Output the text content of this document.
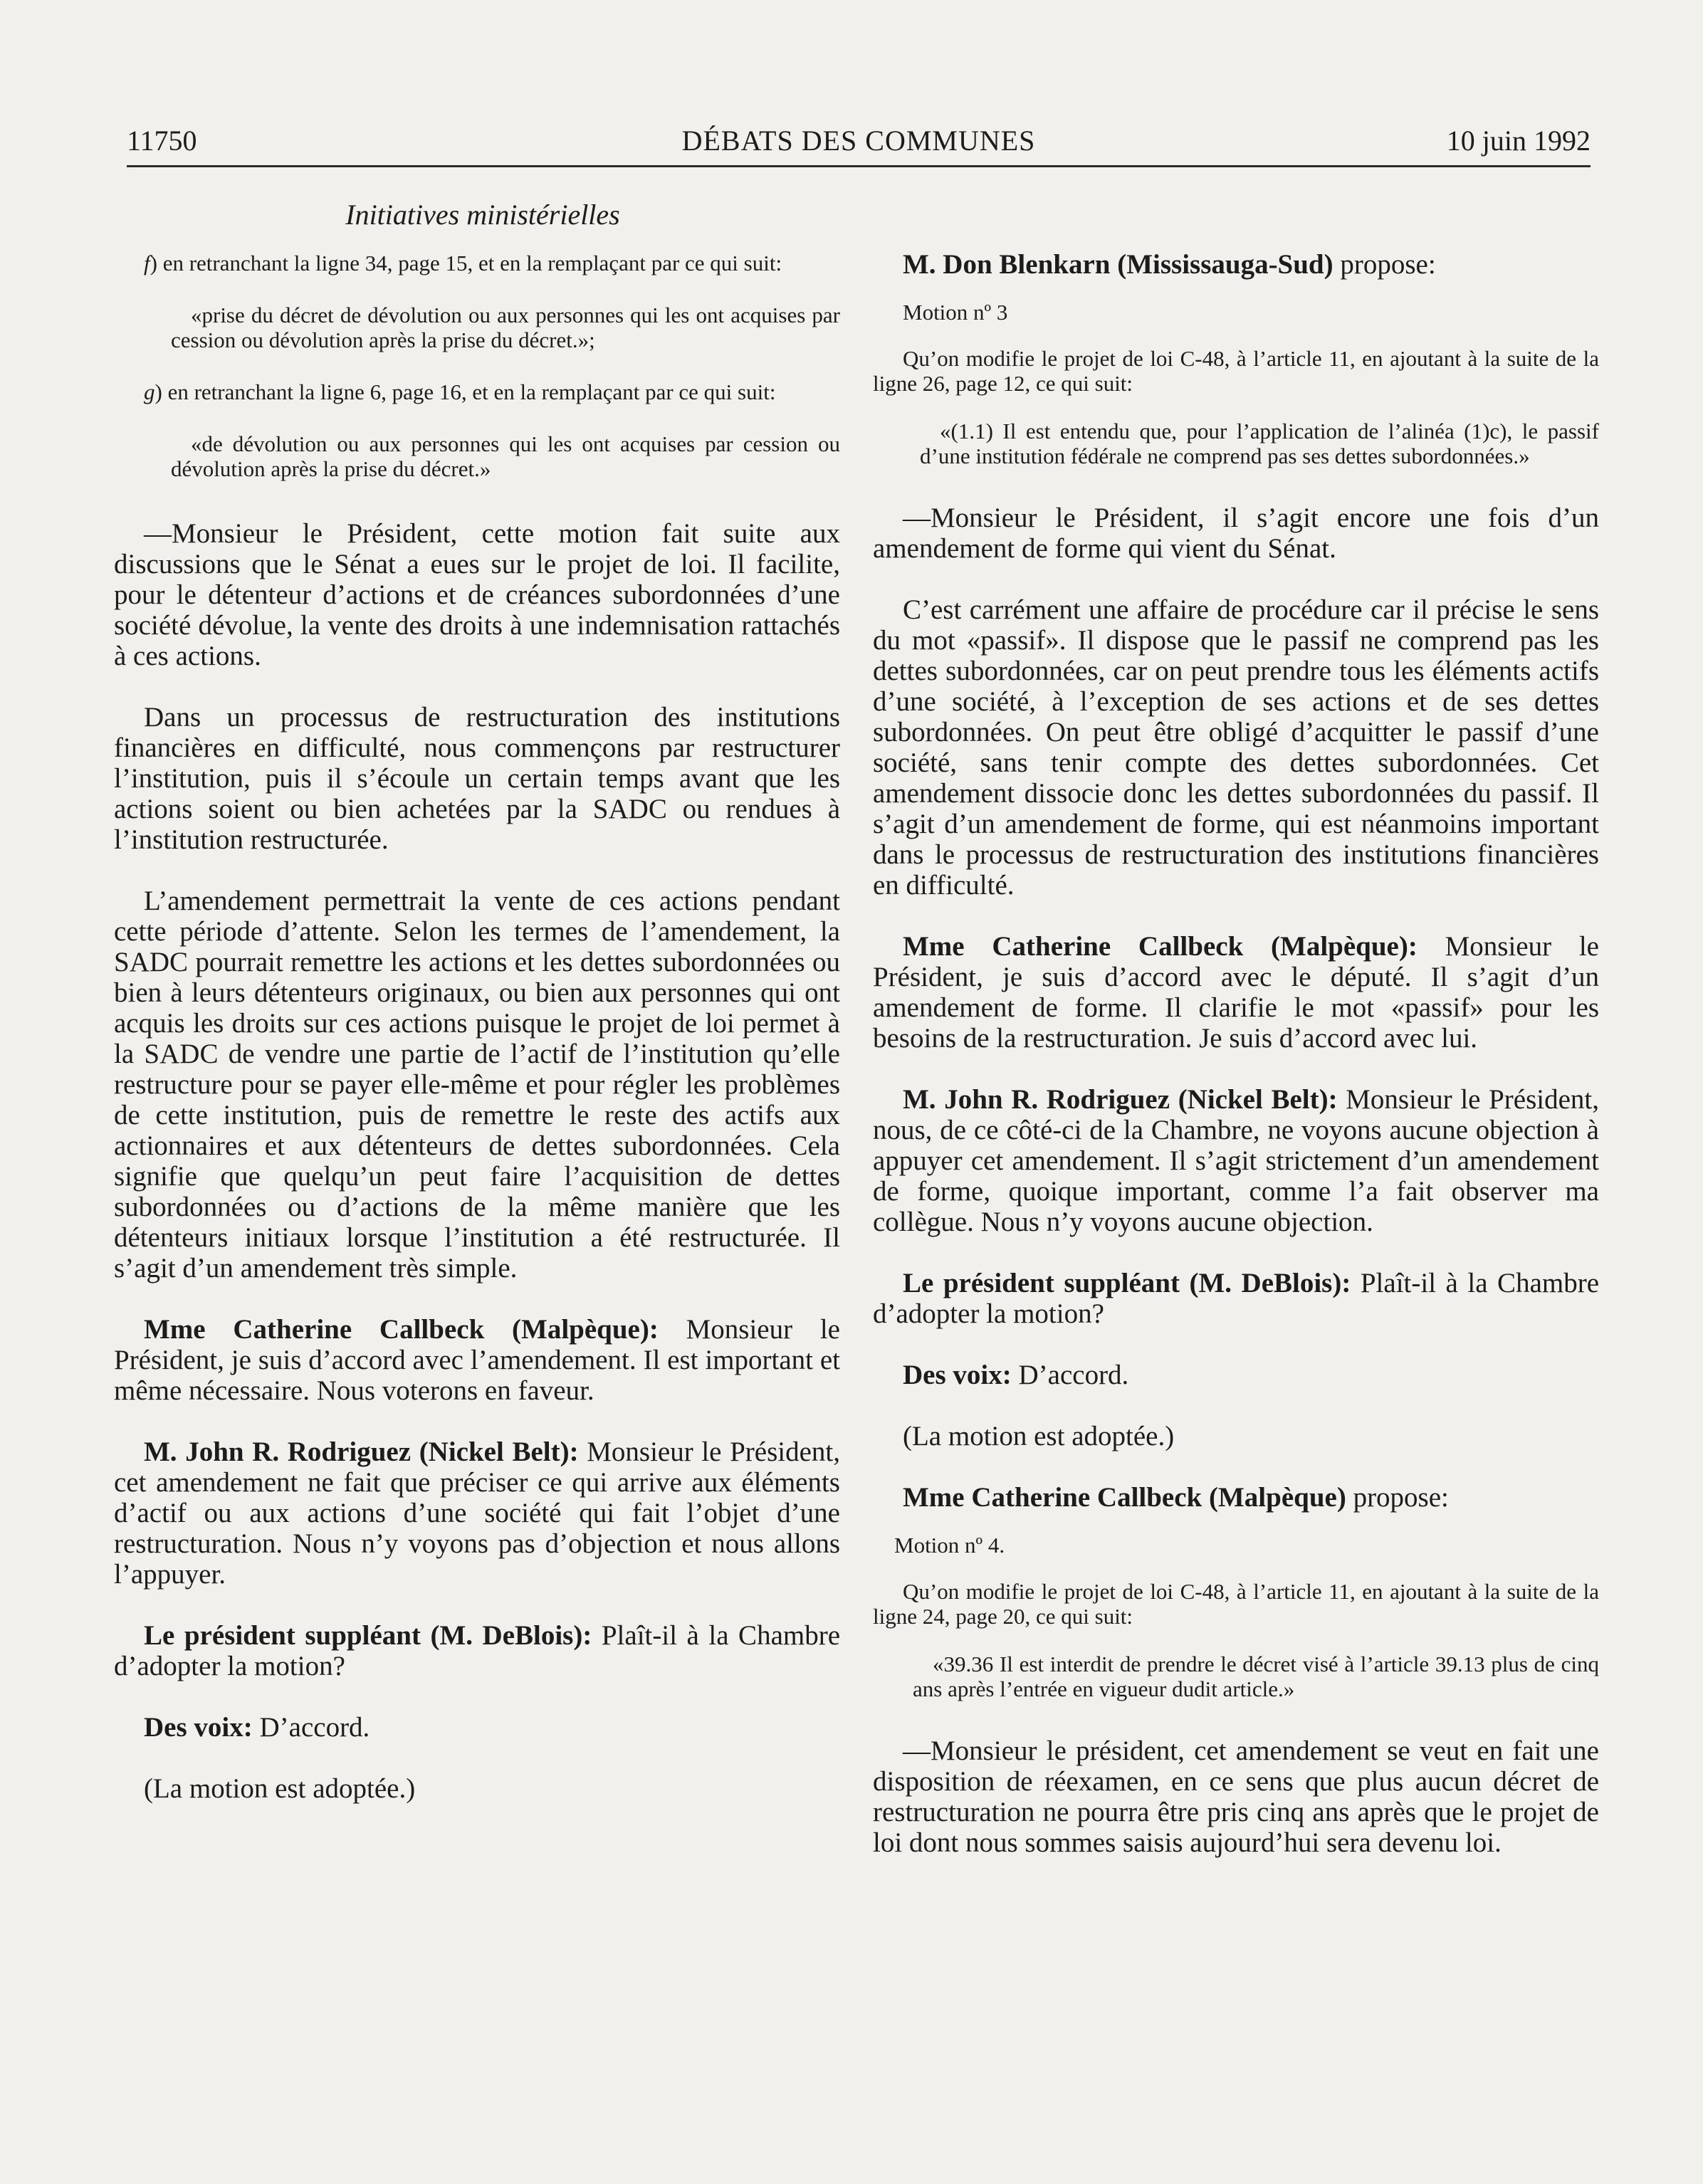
11750	DÉBATS DES COMMUNES	10 juin 1992
Initiatives ministérielles

f) en retranchant la ligne 34, page 15, et en la remplaçant par ce qui suit:

«prise du décret de dévolution ou aux personnes qui les ont acquises par cession ou dévolution après la prise du décret.»;

g) en retranchant la ligne 6, page 16, et en la remplaçant par ce qui suit:

«de dévolution ou aux personnes qui les ont acquises par cession ou dévolution après la prise du décret.»

—Monsieur le Président, cette motion fait suite aux discussions que le Sénat a eues sur le projet de loi. Il facilite, pour le détenteur d’actions et de créances subordonnées d’une société dévolue, la vente des droits à une indemnisation rattachés à ces actions.

Dans un processus de restructuration des institutions financières en difficulté, nous commençons par restructurer l’institution, puis il s’écoule un certain temps avant que les actions soient ou bien achetées par la SADC ou rendues à l’institution restructurée.

L’amendement permettrait la vente de ces actions pendant cette période d’attente. Selon les termes de l’amendement, la SADC pourrait remettre les actions et les dettes subordonnées ou bien à leurs détenteurs originaux, ou bien aux personnes qui ont acquis les droits sur ces actions puisque le projet de loi permet à la SADC de vendre une partie de l’actif de l’institution qu’elle restructure pour se payer elle-même et pour régler les problèmes de cette institution, puis de remettre le reste des actifs aux actionnaires et aux détenteurs de dettes subordonnées. Cela signifie que quelqu’un peut faire l’acquisition de dettes subordonnées ou d’actions de la même manière que les détenteurs initiaux lorsque l’institution a été restructurée. Il s’agit d’un amendement très simple.

Mme Catherine Callbeck (Malpèque): Monsieur le Président, je suis d’accord avec l’amendement. Il est important et même nécessaire. Nous voterons en faveur.

M. John R. Rodriguez (Nickel Belt): Monsieur le Président, cet amendement ne fait que préciser ce qui arrive aux éléments d’actif ou aux actions d’une société qui fait l’objet d’une restructuration. Nous n’y voyons pas d’objection et nous allons l’appuyer.

Le président suppléant (M. DeBlois): Plaît-il à la Chambre d’adopter la motion?

Des voix: D’accord.

(La motion est adoptée.)

M. Don Blenkarn (Mississauga-Sud) propose:

Motion nº 3

Qu’on modifie le projet de loi C-48, à l’article 11, en ajoutant à la suite de la ligne 26, page 12, ce qui suit:

«(1.1) Il est entendu que, pour l’application de l’alinéa (1)c), le passif d’une institution fédérale ne comprend pas ses dettes subordonnées.»

—Monsieur le Président, il s’agit encore une fois d’un amendement de forme qui vient du Sénat.

C’est carrément une affaire de procédure car il précise le sens du mot «passif». Il dispose que le passif ne comprend pas les dettes subordonnées, car on peut prendre tous les éléments actifs d’une société, à l’exception de ses actions et de ses dettes subordonnées. On peut être obligé d’acquitter le passif d’une société, sans tenir compte des dettes subordonnées. Cet amendement dissocie donc les dettes subordonnées du passif. Il s’agit d’un amendement de forme, qui est néanmoins important dans le processus de restructuration des institutions financières en difficulté.

Mme Catherine Callbeck (Malpèque): Monsieur le Président, je suis d’accord avec le député. Il s’agit d’un amendement de forme. Il clarifie le mot «passif» pour les besoins de la restructuration. Je suis d’accord avec lui.

M. John R. Rodriguez (Nickel Belt): Monsieur le Président, nous, de ce côté-ci de la Chambre, ne voyons aucune objection à appuyer cet amendement. Il s’agit strictement d’un amendement de forme, quoique important, comme l’a fait observer ma collègue. Nous n’y voyons aucune objection.

Le président suppléant (M. DeBlois): Plaît-il à la Chambre d’adopter la motion?

Des voix: D’accord.

(La motion est adoptée.)

Mme Catherine Callbeck (Malpèque) propose:

Motion nº 4.

Qu’on modifie le projet de loi C-48, à l’article 11, en ajoutant à la suite de la ligne 24, page 20, ce qui suit:

«39.36 Il est interdit de prendre le décret visé à l’article 39.13 plus de cinq ans après l’entrée en vigueur dudit article.»

—Monsieur le président, cet amendement se veut en fait une disposition de réexamen, en ce sens que plus aucun décret de restructuration ne pourra être pris cinq ans après que le projet de loi dont nous sommes saisis aujourd’hui sera devenu loi.
